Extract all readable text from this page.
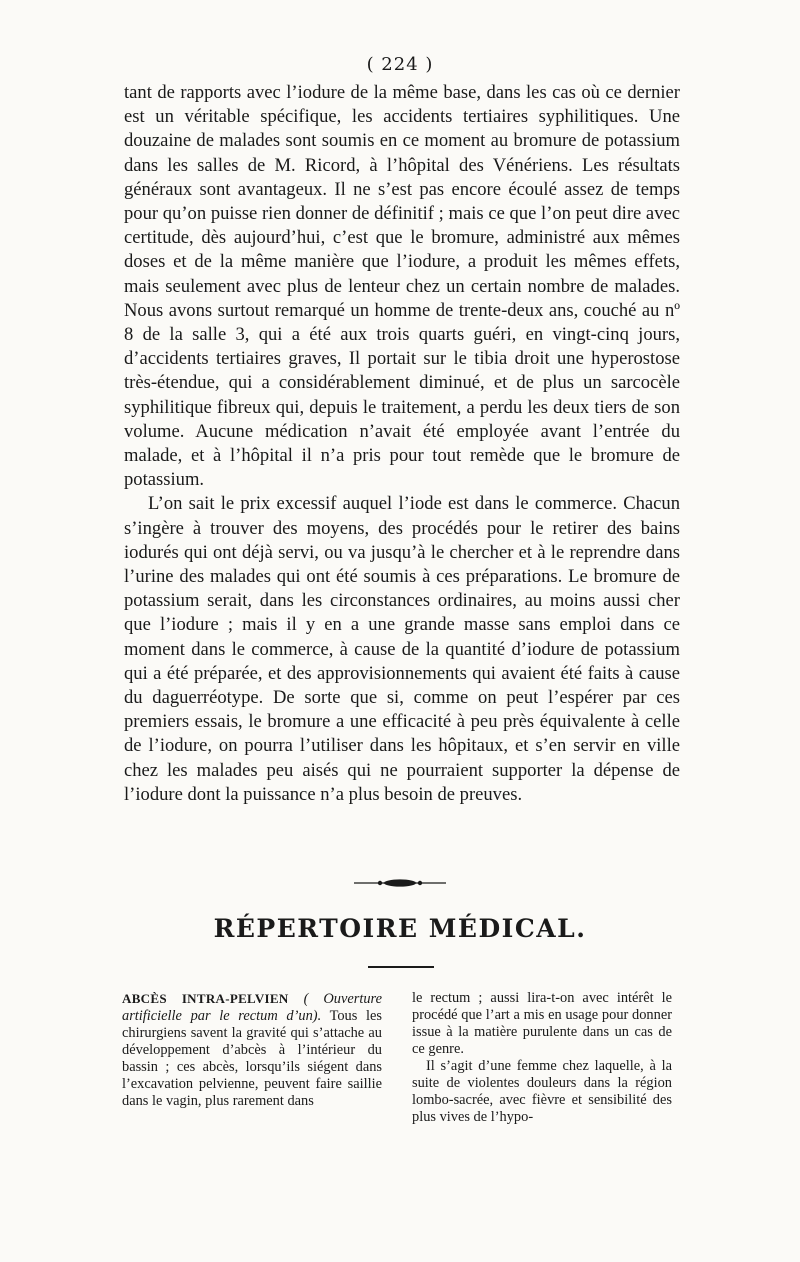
( 224 )

tant de rapports avec l’iodure de la même base, dans les cas où ce dernier est un véritable spécifique, les accidents tertiaires syphilitiques. Une douzaine de malades sont soumis en ce moment au bromure de potassium dans les salles de M. Ricord, à l’hôpital des Vénériens. Les résultats généraux sont avantageux. Il ne s’est pas encore écoulé assez de temps pour qu’on puisse rien donner de définitif ; mais ce que l’on peut dire avec certitude, dès aujourd’hui, c’est que le bromure, administré aux mêmes doses et de la même manière que l’iodure, a produit les mêmes effets, mais seulement avec plus de lenteur chez un certain nombre de malades. Nous avons surtout remarqué un homme de trente-deux ans, couché au nº 8 de la salle 3, qui a été aux trois quarts guéri, en vingt-cinq jours, d’accidents tertiaires graves, Il portait sur le tibia droit une hyperostose très-étendue, qui a considérablement diminué, et de plus un sarcocèle syphilitique fibreux qui, depuis le traitement, a perdu les deux tiers de son volume. Aucune médication n’avait été employée avant l’entrée du malade, et à l’hôpital il n’a pris pour tout remède que le bromure de potassium.

L’on sait le prix excessif auquel l’iode est dans le commerce. Chacun s’ingère à trouver des moyens, des procédés pour le retirer des bains iodurés qui ont déjà servi, ou va jusqu’à le chercher et à le reprendre dans l’urine des malades qui ont été soumis à ces préparations. Le bromure de potassium serait, dans les circonstances ordinaires, au moins aussi cher que l’iodure ; mais il y en a une grande masse sans emploi dans ce moment dans le commerce, à cause de la quantité d’iodure de potassium qui a été préparée, et des approvisionnements qui avaient été faits à cause du daguerréotype. De sorte que si, comme on peut l’espérer par ces premiers essais, le bromure a une efficacité à peu près équivalente à celle de l’iodure, on pourra l’utiliser dans les hôpitaux, et s’en servir en ville chez les malades peu aisés qui ne pourraient supporter la dépense de l’iodure dont la puissance n’a plus besoin de preuves.

RÉPERTOIRE MÉDICAL.

ABCÈS INTRA-PELVIEN ( Ouverture artificielle par le rectum d’un). Tous les chirurgiens savent la gravité qui s’attache au développement d’abcès à l’intérieur du bassin ; ces abcès, lorsqu’ils siégent dans l’excavation pelvienne, peuvent faire saillie dans le vagin, plus rarement dans

le rectum ; aussi lira-t-on avec intérêt le procédé que l’art a mis en usage pour donner issue à la matière purulente dans un cas de ce genre.

Il s’agit d’une femme chez laquelle, à la suite de violentes douleurs dans la région lombo-sacrée, avec fièvre et sensibilité des plus vives de l’hypo-
